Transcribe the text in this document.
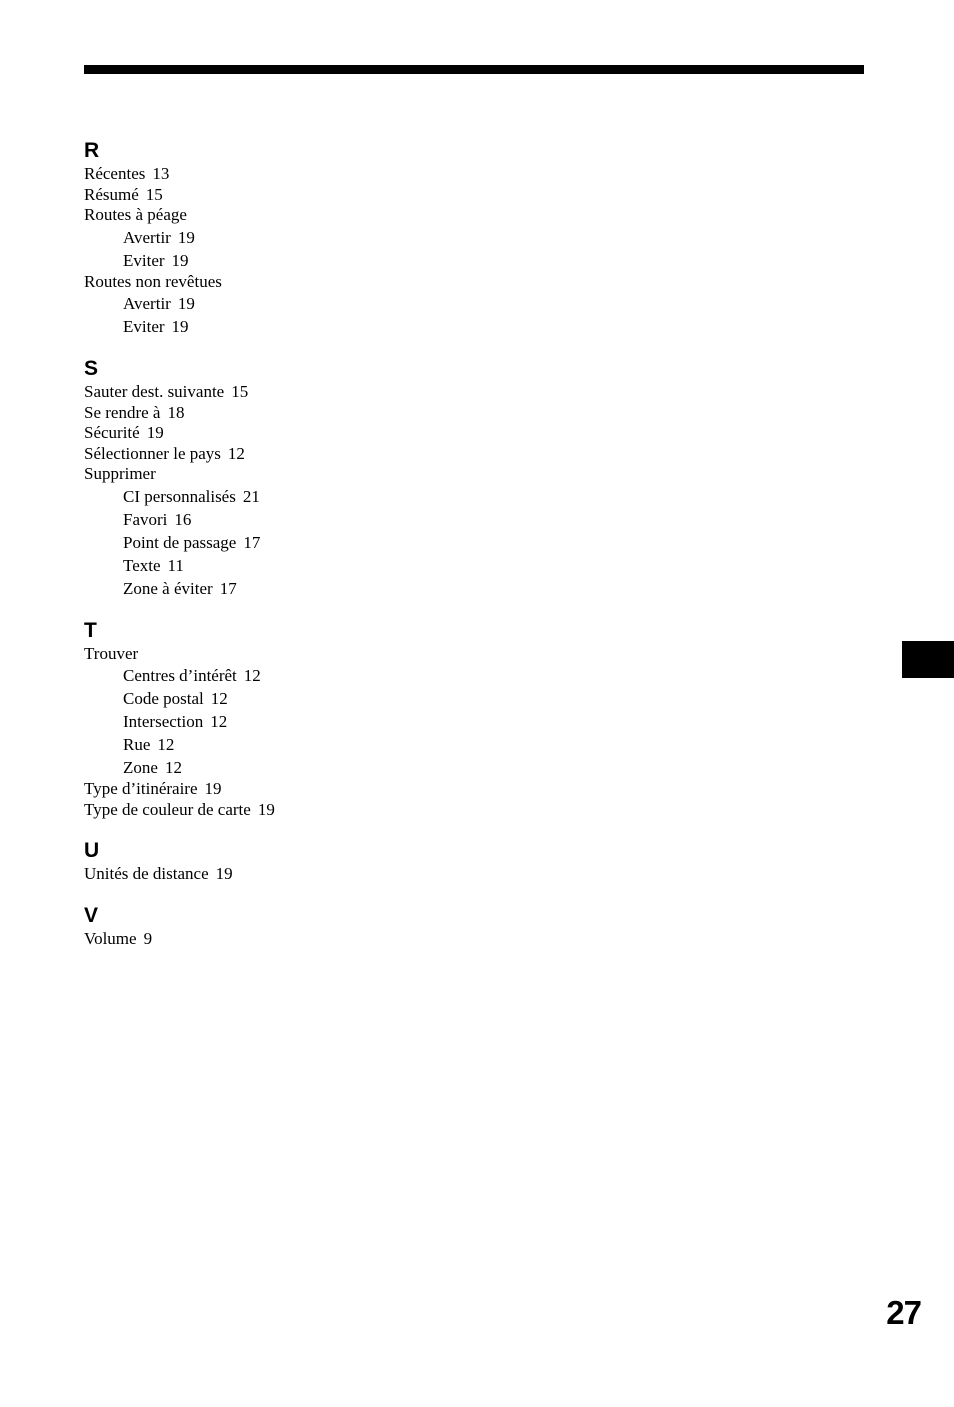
R
Récentes 13
Résumé 15
Routes à péage
Avertir 19
Eviter 19
Routes non revêtues
Avertir 19
Eviter 19
S
Sauter dest. suivante 15
Se rendre à 18
Sécurité 19
Sélectionner le pays 12
Supprimer
CI personnalisés 21
Favori 16
Point de passage 17
Texte 11
Zone à éviter 17
T
Trouver
Centres d’intérêt 12
Code postal 12
Intersection 12
Rue 12
Zone 12
Type d’itinéraire 19
Type de couleur de carte 19
U
Unités de distance 19
V
Volume 9
27
